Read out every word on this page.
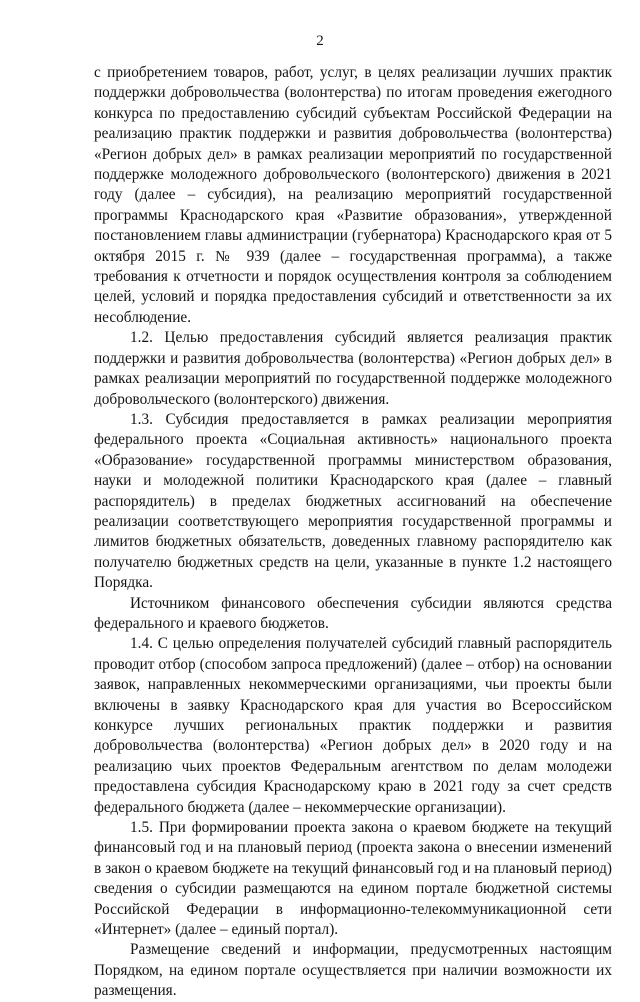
2

с приобретением товаров, работ, услуг, в целях реализации лучших практик поддержки добровольчества (волонтерства) по итогам проведения ежегодного конкурса по предоставлению субсидий субъектам Российской Федерации на реализацию практик поддержки и развития добровольчества (волонтерства) «Регион добрых дел» в рамках реализации мероприятий по государственной поддержке молодежного добровольческого (волонтерского) движения в 2021 году (далее – субсидия), на реализацию мероприятий государственной программы Краснодарского края «Развитие образования», утвержденной постановлением главы администрации (губернатора) Краснодарского края от 5 октября 2015 г. № 939 (далее – государственная программа), а также требования к отчетности и порядок осуществления контроля за соблюдением целей, условий и порядка предоставления субсидий и ответственности за их несоблюдение.

1.2. Целью предоставления субсидий является реализация практик поддержки и развития добровольчества (волонтерства) «Регион добрых дел» в рамках реализации мероприятий по государственной поддержке молодежного добровольческого (волонтерского) движения.

1.3. Субсидия предоставляется в рамках реализации мероприятия федерального проекта «Социальная активность» национального проекта «Образование» государственной программы министерством образования, науки и молодежной политики Краснодарского края (далее – главный распорядитель) в пределах бюджетных ассигнований на обеспечение реализации соответствующего мероприятия государственной программы и лимитов бюджетных обязательств, доведенных главному распорядителю как получателю бюджетных средств на цели, указанные в пункте 1.2 настоящего Порядка.

Источником финансового обеспечения субсидии являются средства федерального и краевого бюджетов.

1.4. С целью определения получателей субсидий главный распорядитель проводит отбор (способом запроса предложений) (далее – отбор) на основании заявок, направленных некоммерческими организациями, чьи проекты были включены в заявку Краснодарского края для участия во Всероссийском конкурсе лучших региональных практик поддержки и развития добровольчества (волонтерства) «Регион добрых дел» в 2020 году и на реализацию чьих проектов Федеральным агентством по делам молодежи предоставлена субсидия Краснодарскому краю в 2021 году за счет средств федерального бюджета (далее – некоммерческие организации).

1.5. При формировании проекта закона о краевом бюджете на текущий финансовый год и на плановый период (проекта закона о внесении изменений в закон о краевом бюджете на текущий финансовый год и на плановый период) сведения о субсидии размещаются на едином портале бюджетной системы Российской Федерации в информационно-телекоммуникационной сети «Интернет» (далее – единый портал).

Размещение сведений и информации, предусмотренных настоящим Порядком, на едином портале осуществляется при наличии возможности их размещения.
